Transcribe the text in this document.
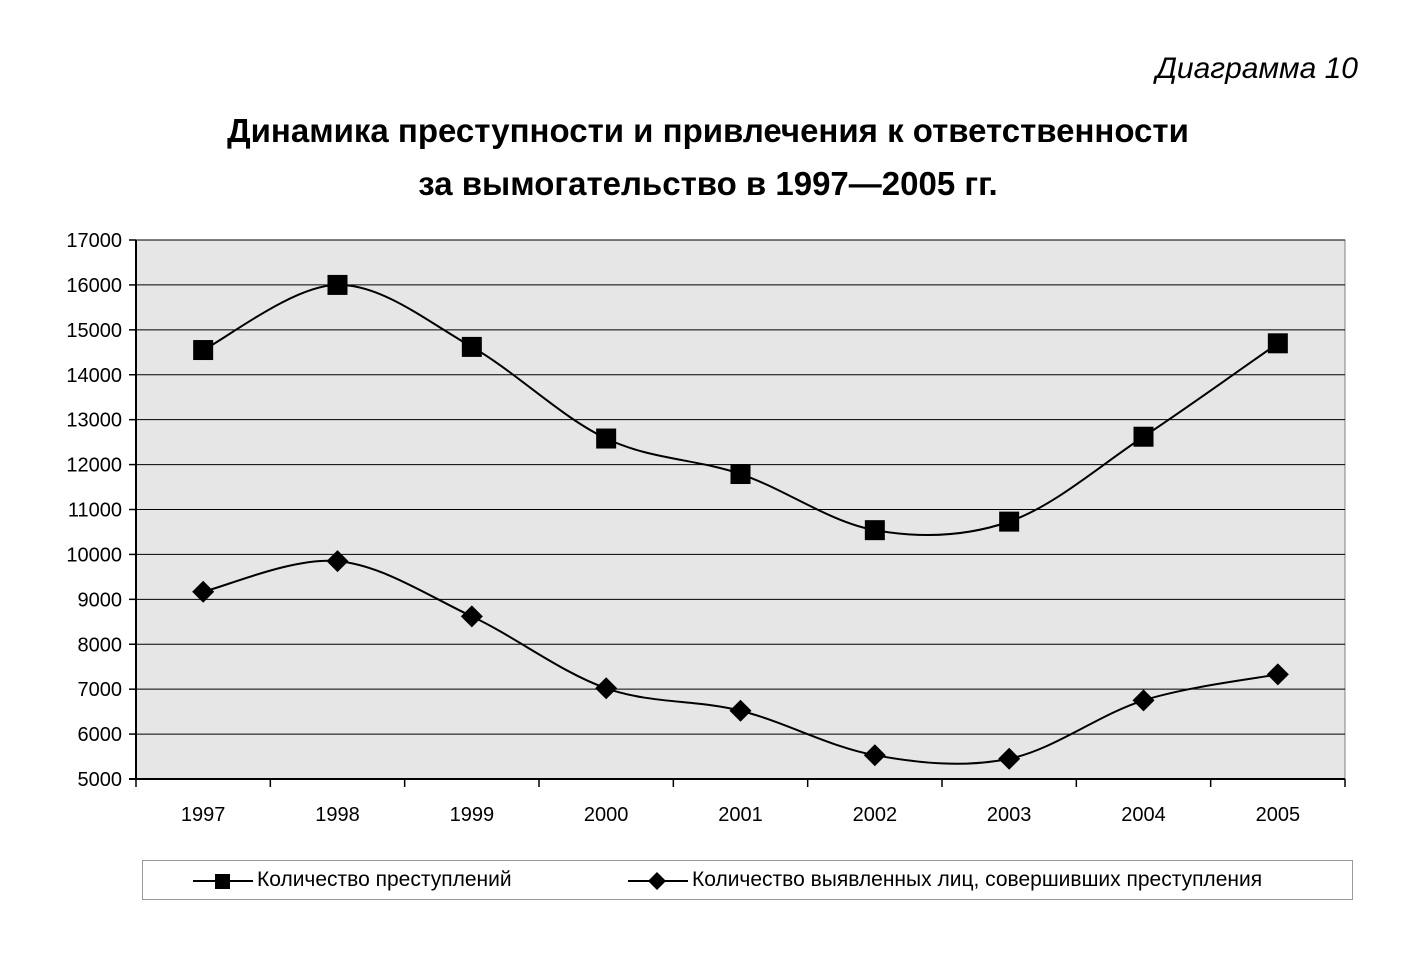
Диаграмма 10
Динамика преступности и привлечения к ответственности
за вымогательство в 1997—2005 гг.
5000
6000
7000
8000
9000
10000
11000
12000
13000
14000
15000
16000
17000
1997	1998	1999	2000	2001	2002	2003	2004	2005
Количество преступлений	Количество выявленных лиц, совершивших преступления
